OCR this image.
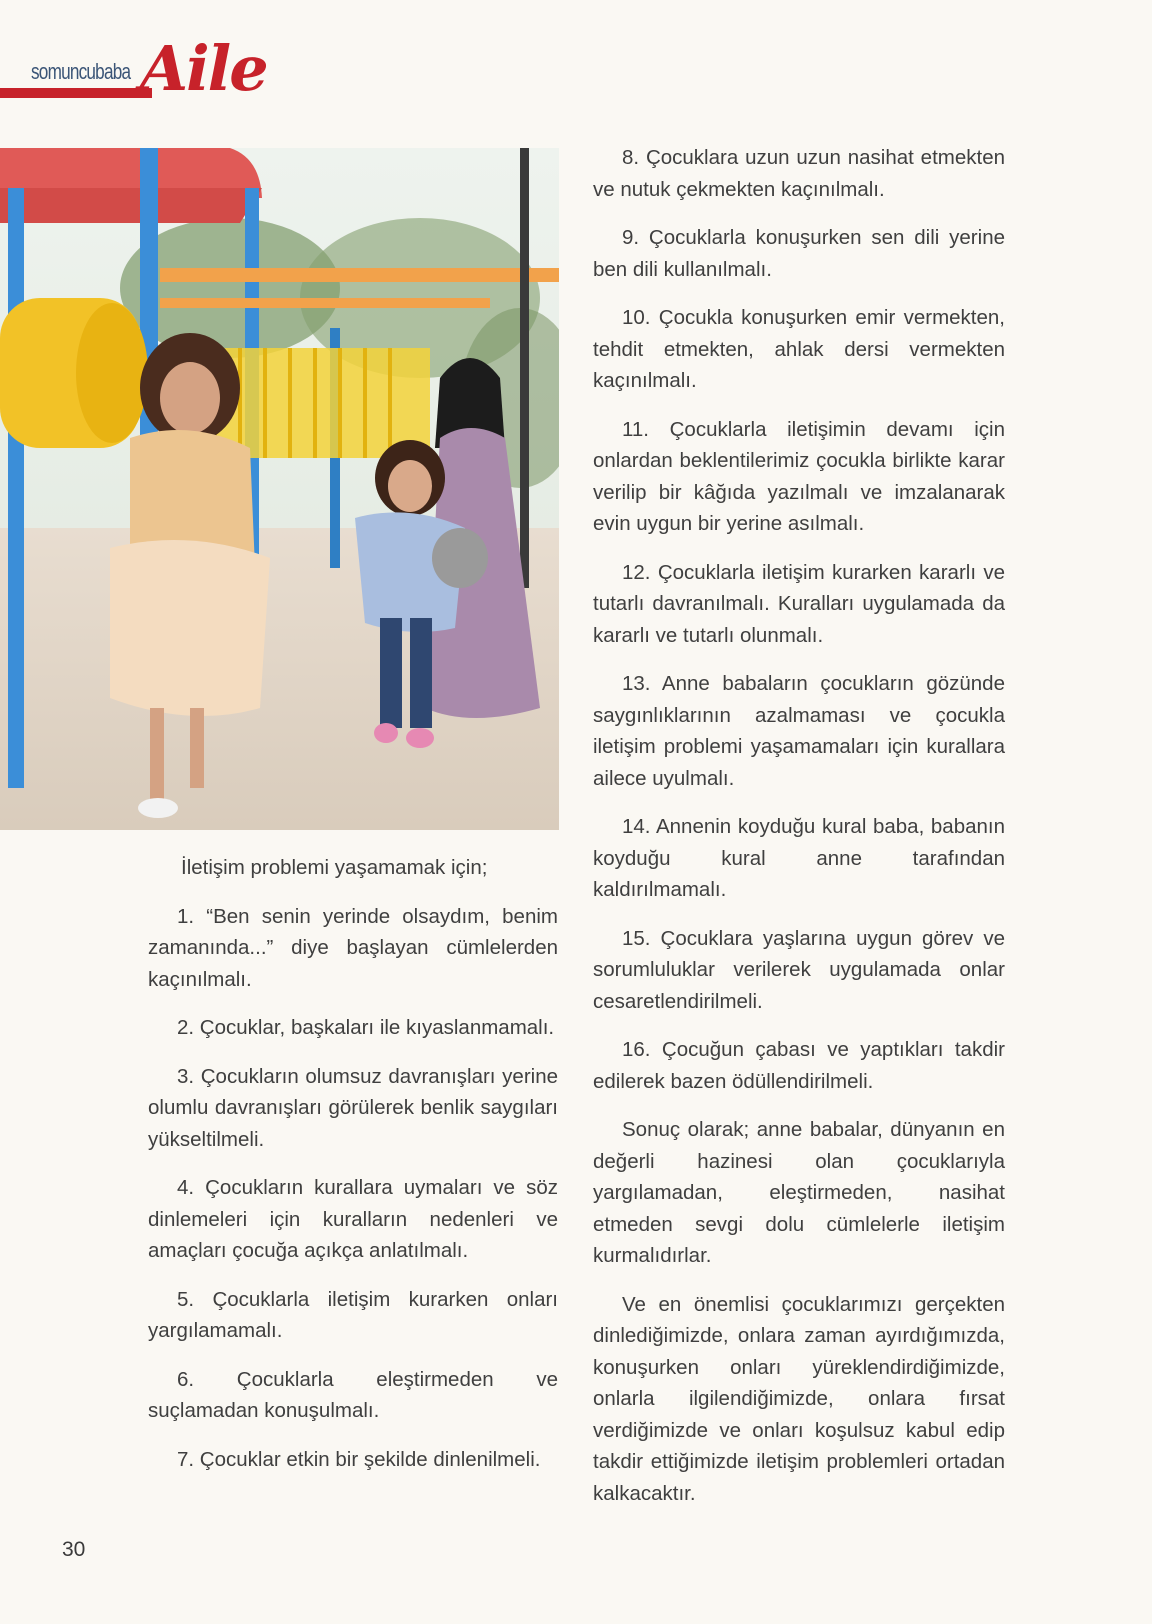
somuncubaba Aile

İletişim problemi yaşamamak için;

1. “Ben senin yerinde olsaydım, benim zamanında...” diye başlayan cümlelerden kaçınılmalı.

2. Çocuklar, başkaları ile kıyaslanmamalı.

3. Çocukların olumsuz davranışları yerine olumlu davranışları görülerek benlik saygıları yükseltilmeli.

4. Çocukların kurallara uymaları ve söz dinlemeleri için kuralların nedenleri ve amaçları çocuğa açıkça anlatılmalı.

5. Çocuklarla iletişim kurarken onları yargılamamalı.

6. Çocuklarla eleştirmeden ve suçlamadan konuşulmalı.

7. Çocuklar etkin bir şekilde dinlenilmeli.

8. Çocuklara uzun uzun nasihat etmekten ve nutuk çekmekten kaçınılmalı.

9. Çocuklarla konuşurken sen dili yerine ben dili kullanılmalı.

10. Çocukla konuşurken emir vermekten, tehdit etmekten, ahlak dersi vermekten kaçınılmalı.

11. Çocuklarla iletişimin devamı için onlardan beklentilerimiz çocukla birlikte karar verilip bir kâğıda yazılmalı ve imzalanarak evin uygun bir yerine asılmalı.

12. Çocuklarla iletişim kurarken kararlı ve tutarlı davranılmalı. Kuralları uygulamada da kararlı ve tutarlı olunmalı.

13. Anne babaların çocukların gözünde saygınlıklarının azalmaması ve çocukla iletişim problemi yaşamamaları için kurallara ailece uyulmalı.

14. Annenin koyduğu kural baba, babanın koyduğu kural anne tarafından kaldırılmamalı.

15. Çocuklara yaşlarına uygun görev ve sorumluluklar verilerek uygulamada onlar cesaretlendirilmeli.

16. Çocuğun çabası ve yaptıkları takdir edilerek bazen ödüllendirilmeli.

Sonuç olarak; anne babalar, dünyanın en değerli hazinesi olan çocuklarıyla yargılamadan, eleştirmeden, nasihat etmeden sevgi dolu cümlelerle iletişim kurmalıdırlar.

Ve en önemlisi çocuklarımızı gerçekten dinlediğimizde, onlara zaman ayırdığımızda, konuşurken onları yüreklendirdiğimizde, onlarla ilgilendiğimizde, onlara fırsat verdiğimizde ve onları koşulsuz kabul edip takdir ettiğimizde iletişim problemleri ortadan kalkacaktır.

30
